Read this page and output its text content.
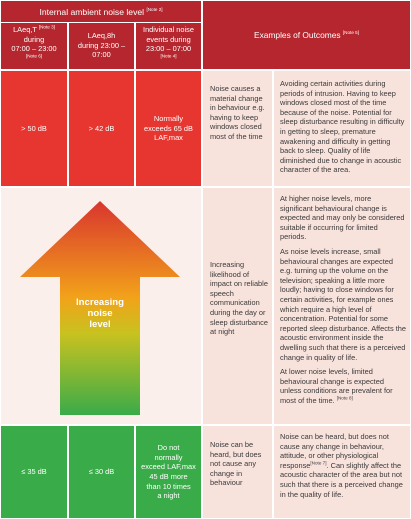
Internal ambient noise level [Note 2]
LAeq,T [Note 3]
during
07:00 – 23:00
[Note 6]
LAeq,8h
during 23:00 – 07:00
Individual noise
events during
23:00 – 07:00
[Note 4]
Examples of Outcomes [Note 5]
> 50 dB	> 42 dB
Normally
exceeds 65 dB
LAF,max
Noise causes a material change in behaviour e.g. having to keep windows closed most of the time
Avoiding certain activities during periods of intrusion. Having to keep windows closed most of the time because of the noise. Potential for sleep disturbance resulting in difficulty in getting to sleep, premature awakening and difficulty in getting back to sleep. Quality of life diminished due to change in acoustic character of the area.
Increasing
noise
level
Increasing likelihood of impact on reliable speech communication during the day or sleep disturbance at night

At higher noise levels, more significant behavioural change is expected and may only be considered suitable if occurring for limited periods.

As noise levels increase, small behavioural changes are expected e.g. turning up the volume on the television; speaking a little more loudly; having to close windows for certain activities, for example ones which require a high level of concentration. Potential for some reported sleep disturbance. Affects the acoustic environment inside the dwelling such that there is a perceived change in quality of life.

At lower noise levels, limited behavioural change is expected unless conditions are prevalent for most of the time. [Note 8]

≤ 35 dB	≤ 30 dB
Do not
normally
exceed LAF,max
45 dB more
than 10 times
a night
Noise can be heard, but does not cause any change in behaviour
Noise can be heard, but does not cause any change in behaviour, attitude, or other physiological response[Note 7]. Can slightly affect the acoustic character of the area but not such that there is a perceived change in the quality of life.
